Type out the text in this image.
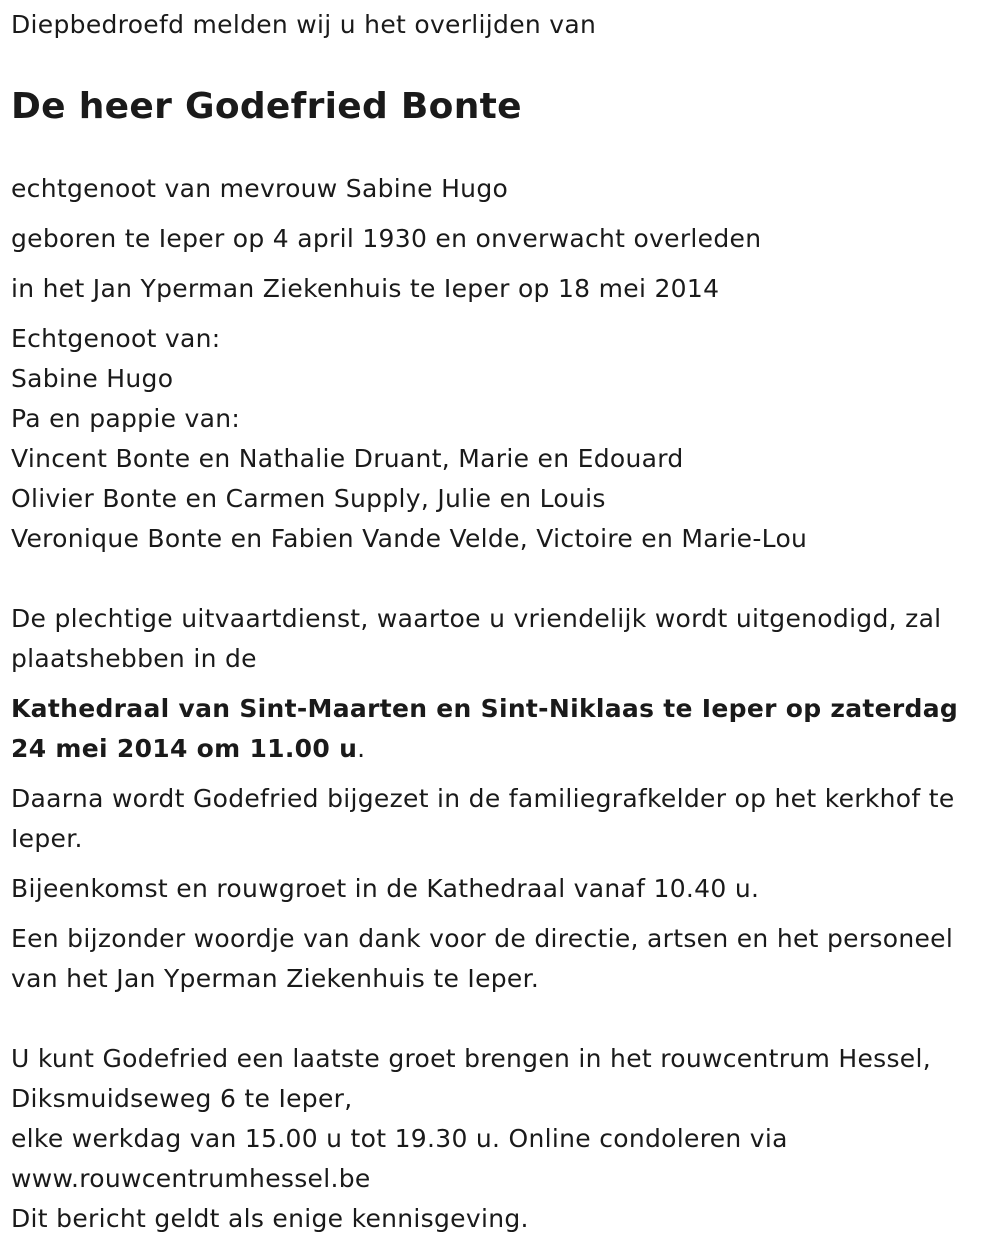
Diepbedroefd melden wij u het overlijden van

De heer Godefried Bonte

echtgenoot van mevrouw Sabine Hugo

geboren te Ieper op 4 april 1930 en onverwacht overleden

in het Jan Yperman Ziekenhuis te Ieper op 18 mei 2014

Echtgenoot van:

Sabine Hugo

Pa en pappie van:

Vincent Bonte en Nathalie Druant, Marie en Edouard

Olivier Bonte en Carmen Supply, Julie en Louis

Veronique Bonte en Fabien Vande Velde, Victoire en Marie-Lou

De plechtige uitvaartdienst, waartoe u vriendelijk wordt uitgenodigd, zal plaatshebben in de

Kathedraal van Sint-Maarten en Sint-Niklaas te Ieper op zaterdag 24 mei 2014 om 11.00 u.

Daarna wordt Godefried bijgezet in de familiegrafkelder op het kerkhof te Ieper.

Bijeenkomst en rouwgroet in de Kathedraal vanaf 10.40 u.

Een bijzonder woordje van dank voor de directie, artsen en het personeel van het Jan Yperman Ziekenhuis te Ieper.

U kunt Godefried een laatste groet brengen in het rouwcentrum Hessel, Diksmuidseweg 6 te Ieper,

elke werkdag van 15.00 u tot 19.30 u. Online condoleren via www.rouwcentrumhessel.be

Dit bericht geldt als enige kennisgeving.
